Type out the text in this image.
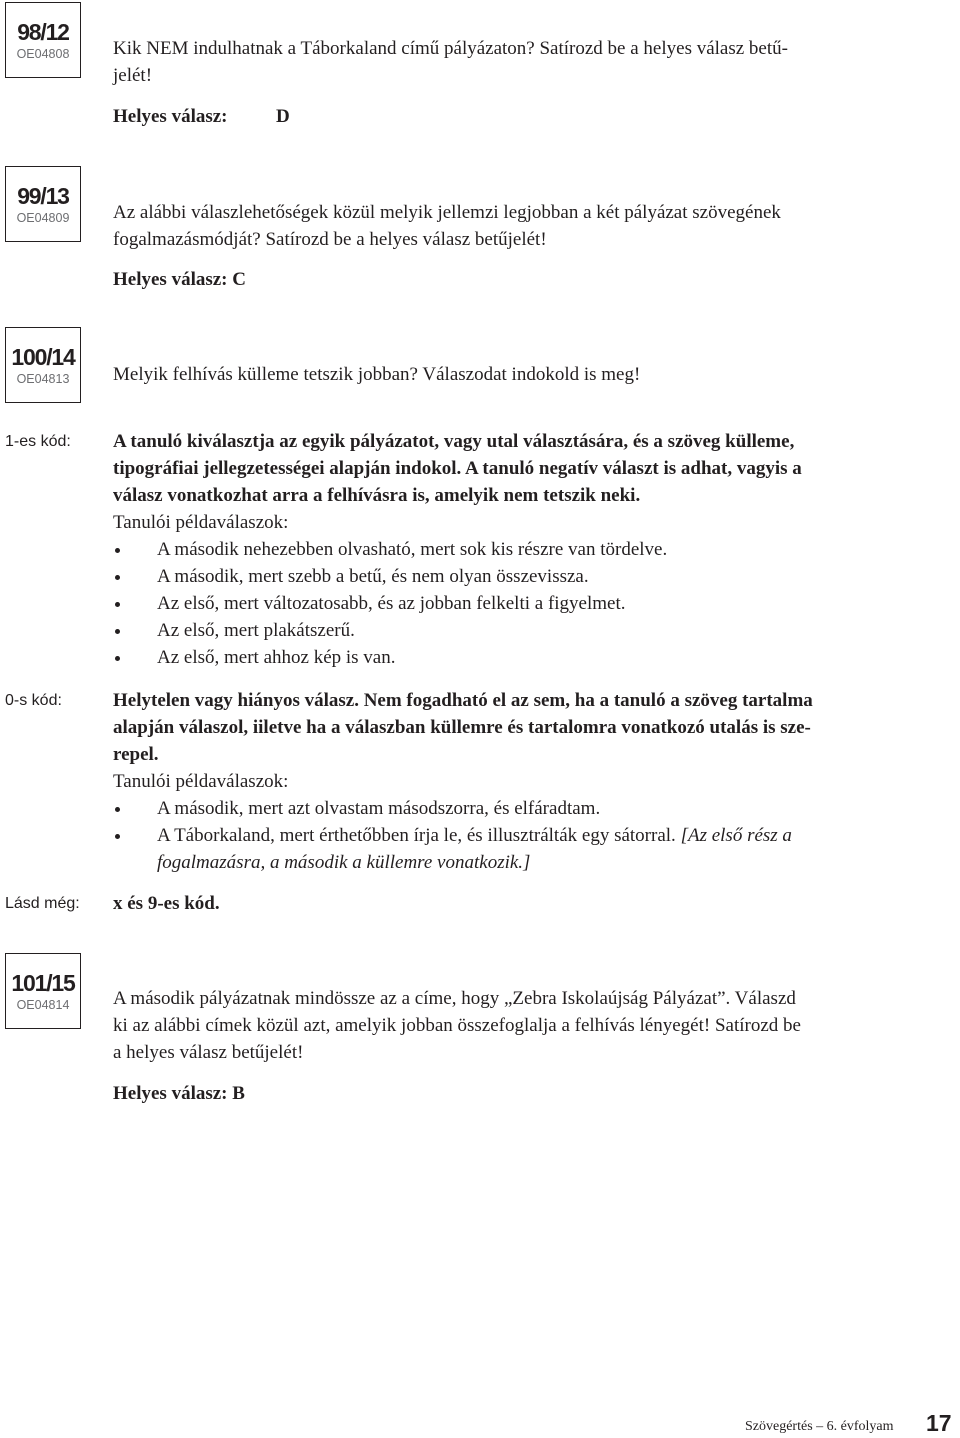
98/12
OE04808	Kik NEM indulhatnak a Táborkaland című pályázaton? Satírozd be a helyes válasz betű-
jelét!
Helyes válasz:	D
99/13
OE04809	Az alábbi válaszlehetőségek közül melyik jellemzi legjobban a két pályázat szövegének
fogalmazásmódját? Satírozd be a helyes válasz betűjelét!
Helyes válasz: C
100/14
OE04813	Melyik felhívás külleme tetszik jobban? Válaszodat indokold is meg!
1-es kód: A tanuló kiválasztja az egyik pályázatot, vagy utal választására, és a szöveg külleme,
tipográfiai jellegzetességei alapján indokol. A tanuló negatív választ is adhat, vagyis a
válasz vonatkozhat arra a felhívásra is, amelyik nem tetszik neki.
Tanulói példaválaszok:
A második nehezebben olvasható, mert sok kis részre van tördelve.
A második, mert szebb a betű, és nem olyan összevissza.
Az első, mert változatosabb, és az jobban felkelti a figyelmet.
Az első, mert plakátszerű.
Az első, mert ahhoz kép is van.
0-s kód:	Helytelen vagy hiányos válasz. Nem fogadható el az sem, ha a tanuló a szöveg tartalma
alapján válaszol, iiletve ha a válaszban küllemre és tartalomra vonatkozó utalás is sze-
repel.
Tanulói példaválaszok:
A második, mert azt olvastam másodszorra, és elfáradtam.
A Táborkaland, mert érthetőbben írja le, és illusztrálták egy sátorral. [Az első rész a
fogalmazásra, a második a küllemre vonatkozik.]
Lásd még: x és 9-es kód.
101/15
OE04814	A második pályázatnak mindössze az a címe, hogy „Zebra Iskolaújság Pályázat”. Válaszd
ki az alábbi címek közül azt, amelyik jobban összefoglalja a felhívás lényegét! Satírozd be
a helyes válasz betűjelét!
Helyes válasz: B
Szövegértés – 6. évfolyam 17
